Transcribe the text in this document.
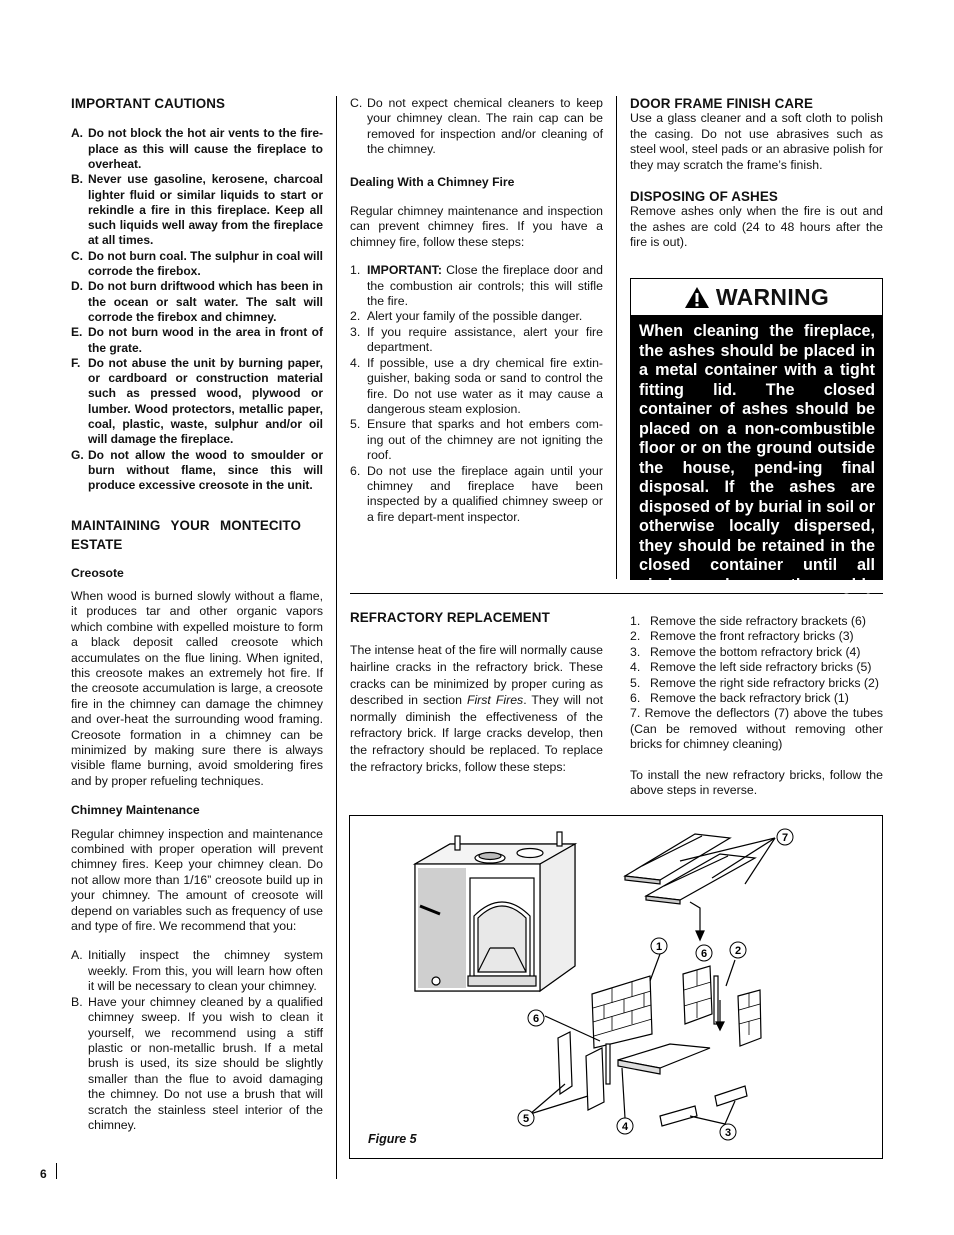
IMPORTANT CAUTIONS
A. Do not block the hot air vents to the fire-place as this will cause the fireplace to overheat.
B. Never use gasoline, kerosene, charcoal lighter fluid or similar liquids to start or rekindle a fire in this fireplace. Keep all such liquids well away from the fireplace at all times.
C. Do not burn coal. The sulphur in coal will corrode the firebox.
D. Do not burn driftwood which has been in the ocean or salt water. The salt will corrode the firebox and chimney.
E. Do not burn wood in the area in front of the grate.
F. Do not abuse the unit by burning paper, or cardboard or construction material such as pressed wood, plywood or lumber. Wood protectors, metallic paper, coal, plastic, waste, sulphur and/or oil will damage the fireplace.
G. Do not allow the wood to smoulder or burn without flame, since this will produce excessive creosote in the unit.
MAINTAINING YOUR MONTECITO ESTATE
Creosote

When wood is burned slowly without a flame, it produces tar and other organic vapors which combine with expelled moisture to form a black deposit called creosote which accumulates on the flue lining. When ignited, this creosote makes an extremely hot fire. If the creosote accumulation is large, a creosote fire in the chimney can damage the chimney and over-heat the surrounding wood framing. Creosote formation in a chimney can be minimized by making sure there is always visible flame burning, avoid smoldering fires and by proper refueling techniques.

Chimney Maintenance

Regular chimney inspection and maintenance combined with proper operation will prevent chimney fires. Keep your chimney clean. Do not allow more than 1/16” creosote build up in your chimney. The amount of creosote will depend on variables such as frequency of use and type of fire. We recommend that you:

A. Initially inspect the chimney system weekly. From this, you will learn how often it will be necessary to clean your chimney.
B. Have your chimney cleaned by a qualified chimney sweep. If you wish to clean it yourself, we recommend using a stiff plastic or non-metallic brush. If a metal brush is used, its size should be slightly smaller than the flue to avoid damaging the chimney. Do not use a brush that will scratch the stainless steel interior of the chimney.
6
C. Do not expect chemical cleaners to keep your chimney clean. The rain cap can be removed for inspection and/or cleaning of the chimney.
Dealing With a Chimney Fire

Regular chimney maintenance and inspection can prevent chimney fires. If you have a chimney fire, follow these steps:

1. IMPORTANT: Close the fireplace door and the combustion air controls; this will stifle the fire.
2. Alert your family of the possible danger.
3. If you require assistance, alert your fire department.
4. If possible, use a dry chemical fire extin-guisher, baking soda or sand to control the fire. Do not use water as it may cause a dangerous steam explosion.
5. Ensure that sparks and hot embers com-ing out of the chimney are not igniting the roof.
6. Do not use the fireplace again until your chimney and fireplace have been inspected by a qualified chimney sweep or a fire depart-ment inspector.
DOOR FRAME FINISH CARE

Use a glass cleaner and a soft cloth to polish the casing. Do not use abrasives such as steel wool, steel pads or an abrasive polish for they may scratch the frame’s finish.

DISPOSING OF ASHES

Remove ashes only when the fire is out and the ashes are cold (24 to 48 hours after the fire is out).

WARNING
When cleaning the fireplace, the ashes should be placed in a metal container with a tight fitting lid. The closed container of ashes should be placed on a non-combustible floor or on the ground outside the house, pend-ing final disposal. If the ashes are disposed of by burial in soil or otherwise locally dispersed, they should be retained in the closed container until all cinders have thoroughly cooled.
REFRACTORY REPLACEMENT

The intense heat of the fire will normally cause hairline cracks in the refractory brick. These cracks can be minimized by proper curing as described in section First Fires. They will not normally diminish the effectiveness of the refractory brick. If large cracks develop, then the refractory should be replaced. To replace the refractory bricks, follow these steps:

1. Remove the side refractory brackets (6)
2. Remove the front refractory bricks (3)
3. Remove the bottom refractory brick (4)
4. Remove the left side refractory bricks (5)
5. Remove the right side refractory bricks (2)
6. Remove the back refractory brick (1)

7. Remove the deflectors (7) above the tubes (Can be removed without removing other bricks for chimney cleaning)

To install the new refractory bricks, follow the above steps in reverse.

1	2
3
4
5
6
6
7
Figure 5
